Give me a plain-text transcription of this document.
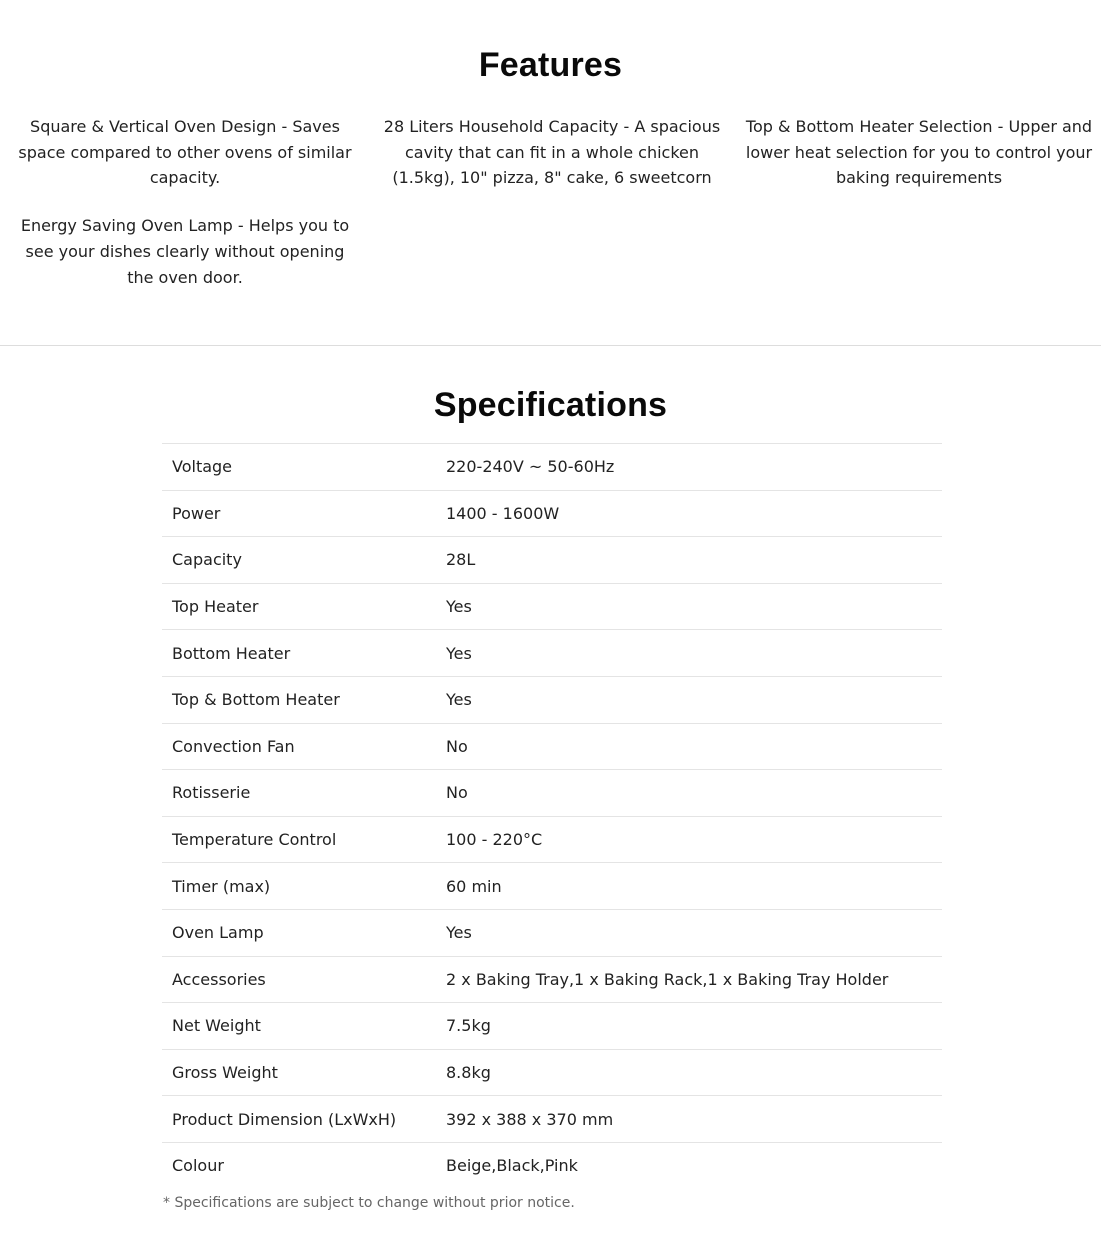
Features

Square & Vertical Oven Design - Saves space compared to other ovens of similar capacity.

Energy Saving Oven Lamp - Helps you to see your dishes clearly without opening the oven door.

28 Liters Household Capacity - A spacious cavity that can fit in a whole chicken (1.5kg), 10" pizza, 8" cake, 6 sweetcorn

Top & Bottom Heater Selection - Upper and lower heat selection for you to control your baking requirements

Specifications
Voltage	220-240V ~ 50-60Hz
Power	1400 - 1600W
Capacity	28L
Top Heater	Yes
Bottom Heater	Yes
Top & Bottom Heater	Yes
Convection Fan	No
Rotisserie	No
Temperature Control	100 - 220°C
Timer (max)	60 min
Oven Lamp	Yes
Accessories	2 x Baking Tray,1 x Baking Rack,1 x Baking Tray Holder
Net Weight	7.5kg
Gross Weight	8.8kg
Product Dimension (LxWxH)	392 x 388 x 370 mm
Colour	Beige,Black,Pink
* Specifications are subject to change without prior notice.
